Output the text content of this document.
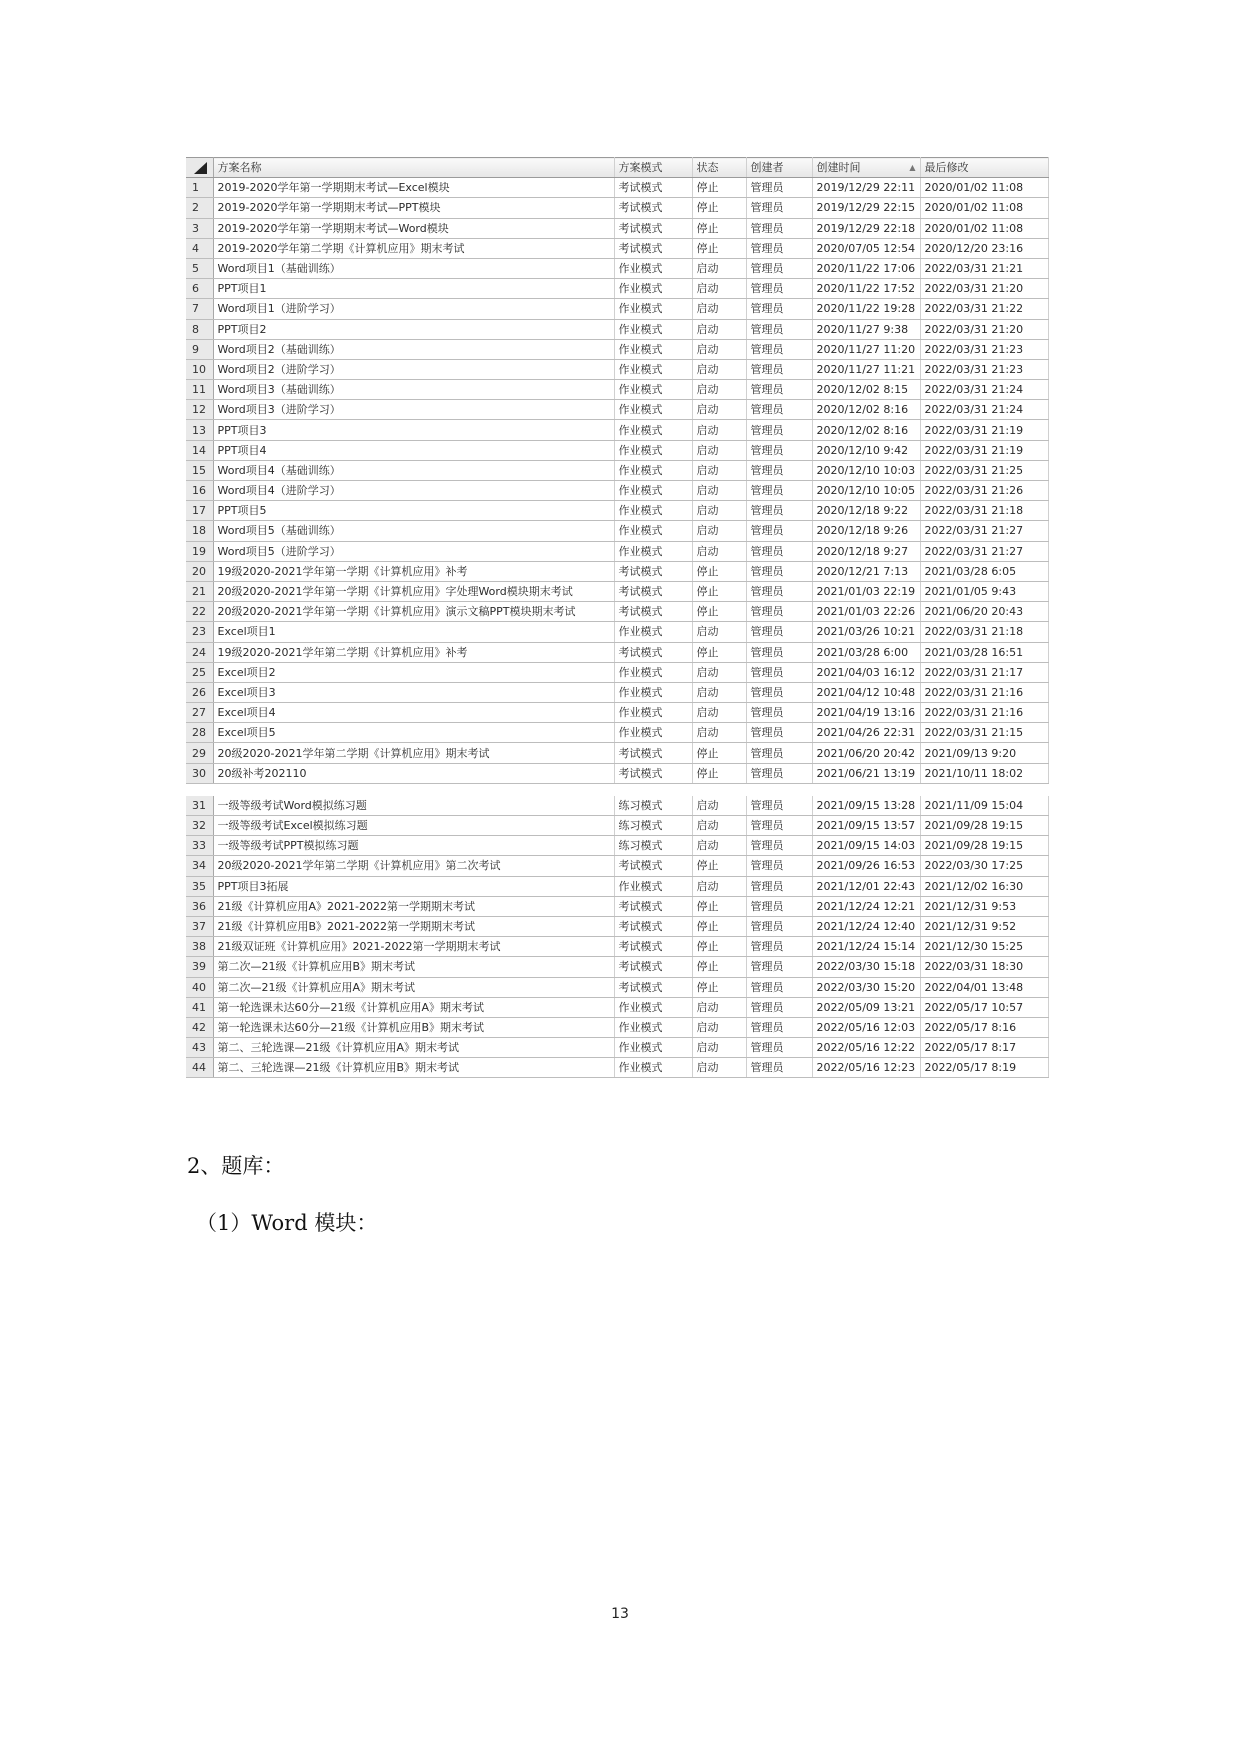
	方案名称	方案模式	状态	创建者	创建时间 ▲	最后修改
1	2019-2020学年第一学期期末考试—Excel模块	考试模式	停止	管理员	2019/12/29 22:11	2020/01/02 11:08
2	2019-2020学年第一学期期末考试—PPT模块	考试模式	停止	管理员	2019/12/29 22:15	2020/01/02 11:08
3	2019-2020学年第一学期期末考试—Word模块	考试模式	停止	管理员	2019/12/29 22:18	2020/01/02 11:08
4	2019-2020学年第二学期《计算机应用》期末考试	考试模式	停止	管理员	2020/07/05 12:54	2020/12/20 23:16
5	Word项目1（基础训练）	作业模式	启动	管理员	2020/11/22 17:06	2022/03/31 21:21
6	PPT项目1	作业模式	启动	管理员	2020/11/22 17:52	2022/03/31 21:20
7	Word项目1（进阶学习）	作业模式	启动	管理员	2020/11/22 19:28	2022/03/31 21:22
8	PPT项目2	作业模式	启动	管理员	2020/11/27 9:38	2022/03/31 21:20
9	Word项目2（基础训练）	作业模式	启动	管理员	2020/11/27 11:20	2022/03/31 21:23
10	Word项目2（进阶学习）	作业模式	启动	管理员	2020/11/27 11:21	2022/03/31 21:23
11	Word项目3（基础训练）	作业模式	启动	管理员	2020/12/02 8:15	2022/03/31 21:24
12	Word项目3（进阶学习）	作业模式	启动	管理员	2020/12/02 8:16	2022/03/31 21:24
13	PPT项目3	作业模式	启动	管理员	2020/12/02 8:16	2022/03/31 21:19
14	PPT项目4	作业模式	启动	管理员	2020/12/10 9:42	2022/03/31 21:19
15	Word项目4（基础训练）	作业模式	启动	管理员	2020/12/10 10:03	2022/03/31 21:25
16	Word项目4（进阶学习）	作业模式	启动	管理员	2020/12/10 10:05	2022/03/31 21:26
17	PPT项目5	作业模式	启动	管理员	2020/12/18 9:22	2022/03/31 21:18
18	Word项目5（基础训练）	作业模式	启动	管理员	2020/12/18 9:26	2022/03/31 21:27
19	Word项目5（进阶学习）	作业模式	启动	管理员	2020/12/18 9:27	2022/03/31 21:27
20	19级2020-2021学年第一学期《计算机应用》补考	考试模式	停止	管理员	2020/12/21 7:13	2021/03/28 6:05
21	20级2020-2021学年第一学期《计算机应用》字处理Word模块期末考试	考试模式	停止	管理员	2021/01/03 22:19	2021/01/05 9:43
22	20级2020-2021学年第一学期《计算机应用》演示文稿PPT模块期末考试	考试模式	停止	管理员	2021/01/03 22:26	2021/06/20 20:43
23	Excel项目1	作业模式	启动	管理员	2021/03/26 10:21	2022/03/31 21:18
24	19级2020-2021学年第二学期《计算机应用》补考	考试模式	停止	管理员	2021/03/28 6:00	2021/03/28 16:51
25	Excel项目2	作业模式	启动	管理员	2021/04/03 16:12	2022/03/31 21:17
26	Excel项目3	作业模式	启动	管理员	2021/04/12 10:48	2022/03/31 21:16
27	Excel项目4	作业模式	启动	管理员	2021/04/19 13:16	2022/03/31 21:16
28	Excel项目5	作业模式	启动	管理员	2021/04/26 22:31	2022/03/31 21:15
29	20级2020-2021学年第二学期《计算机应用》期末考试	考试模式	停止	管理员	2021/06/20 20:42	2021/09/13 9:20
30	20级补考202110	考试模式	停止	管理员	2021/06/21 13:19	2021/10/11 18:02

31	一级等级考试Word模拟练习题	练习模式	启动	管理员	2021/09/15 13:28	2021/11/09 15:04
32	一级等级考试Excel模拟练习题	练习模式	启动	管理员	2021/09/15 13:57	2021/09/28 19:15
33	一级等级考试PPT模拟练习题	练习模式	启动	管理员	2021/09/15 14:03	2021/09/28 19:15
34	20级2020-2021学年第二学期《计算机应用》第二次考试	考试模式	停止	管理员	2021/09/26 16:53	2022/03/30 17:25
35	PPT项目3拓展	作业模式	启动	管理员	2021/12/01 22:43	2021/12/02 16:30
36	21级《计算机应用A》2021-2022第一学期期末考试	考试模式	停止	管理员	2021/12/24 12:21	2021/12/31 9:53
37	21级《计算机应用B》2021-2022第一学期期末考试	考试模式	停止	管理员	2021/12/24 12:40	2021/12/31 9:52
38	21级双证班《计算机应用》2021-2022第一学期期末考试	考试模式	停止	管理员	2021/12/24 15:14	2021/12/30 15:25
39	第二次—21级《计算机应用B》期末考试	考试模式	停止	管理员	2022/03/30 15:18	2022/03/31 18:30
40	第二次—21级《计算机应用A》期末考试	考试模式	停止	管理员	2022/03/30 15:20	2022/04/01 13:48
41	第一轮选课未达60分—21级《计算机应用A》期末考试	作业模式	启动	管理员	2022/05/09 13:21	2022/05/17 10:57
42	第一轮选课未达60分—21级《计算机应用B》期末考试	作业模式	启动	管理员	2022/05/16 12:03	2022/05/17 8:16
43	第二、三轮选课—21级《计算机应用A》期末考试	作业模式	启动	管理员	2022/05/16 12:22	2022/05/17 8:17
44	第二、三轮选课—21级《计算机应用B》期末考试	作业模式	启动	管理员	2022/05/16 12:23	2022/05/17 8:19
2、题库：
（1）Word 模块：
13
